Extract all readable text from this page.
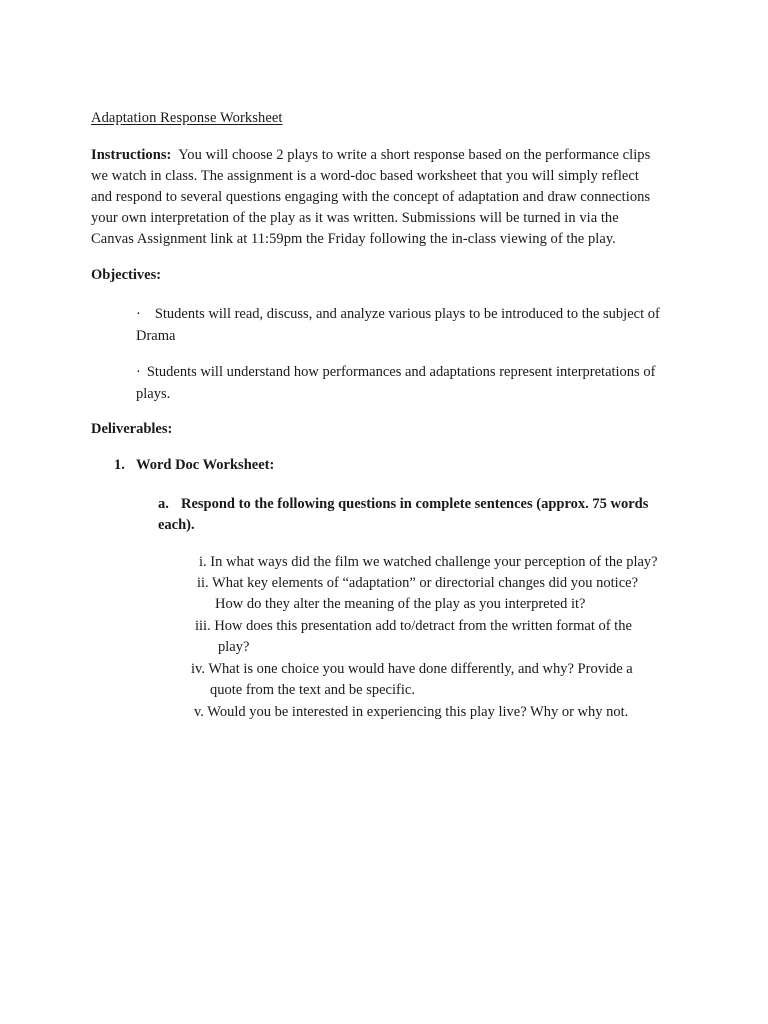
Adaptation Response Worksheet
Instructions: You will choose 2 plays to write a short response based on the performance clips
we watch in class. The assignment is a word-doc based worksheet that you will simply reflect
and respond to several questions engaging with the concept of adaptation and draw connections
your own interpretation of the play as it was written. Submissions will be turned in via the
Canvas Assignment link at 11:59pm the Friday following the in-class viewing of the play.
Objectives:
· Students will read, discuss, and analyze various plays to be introduced to the subject of
Drama
· Students will understand how performances and adaptations represent interpretations of
plays.
Deliverables:
1. Word Doc Worksheet:
a. Respond to the following questions in complete sentences (approx. 75 words
each).
i. In what ways did the film we watched challenge your perception of the play?
ii. What key elements of “adaptation” or directorial changes did you notice?
How do they alter the meaning of the play as you interpreted it?
iii. How does this presentation add to/detract from the written format of the
play?
iv. What is one choice you would have done differently, and why? Provide a
quote from the text and be specific.
v. Would you be interested in experiencing this play live? Why or why not.
